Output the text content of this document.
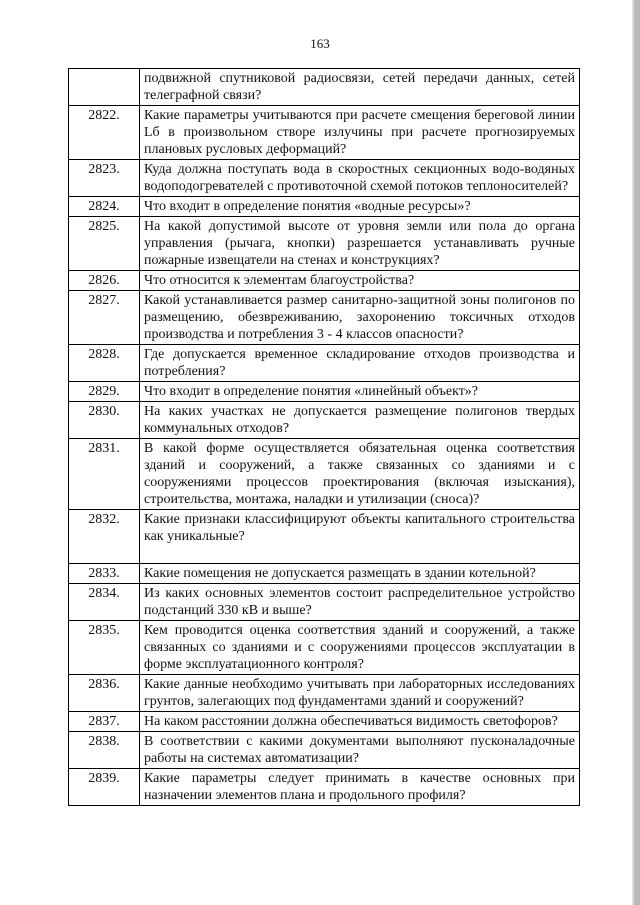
163
	подвижной спутниковой радиосвязи, сетей передачи данных, сетей телеграфной связи?
2822.	Какие параметры учитываются при расчете смещения береговой линии Lб в произвольном створе излучины при расчете прогнозируемых плановых русловых деформаций?
2823.	Куда должна поступать вода в скоростных секционных водо-водяных водоподогревателей с противоточной схемой потоков теплоносителей?
2824.	Что входит в определение понятия «водные ресурсы»?
2825.	На какой допустимой высоте от уровня земли или пола до органа управления (рычага, кнопки) разрешается устанавливать ручные пожарные извещатели на стенах и конструкциях?
2826.	Что относится к элементам благоустройства?
2827.	Какой устанавливается размер санитарно-защитной зоны полигонов по размещению, обезвреживанию, захоронению токсичных отходов производства и потребления 3 - 4 классов опасности?
2828.	Где допускается временное складирование отходов производства и потребления?
2829.	Что входит в определение понятия «линейный объект»?
2830.	На каких участках не допускается размещение полигонов твердых коммунальных отходов?
2831.	В какой форме осуществляется обязательная оценка соответствия зданий и сооружений, а также связанных со зданиями и с сооружениями процессов проектирования (включая изыскания), строительства, монтажа, наладки и утилизации (сноса)?
2832.	Какие признаки классифицируют объекты капитального строительства как уникальные?

2833.	Какие помещения не допускается размещать в здании котельной?
2834.	Из каких основных элементов состоит распределительное устройство подстанций 330 кВ и выше?
2835.	Кем проводится оценка соответствия зданий и сооружений, а также связанных со зданиями и с сооружениями процессов эксплуатации в форме эксплуатационного контроля?
2836.	Какие данные необходимо учитывать при лабораторных исследованиях грунтов, залегающих под фундаментами зданий и сооружений?
2837.	На каком расстоянии должна обеспечиваться видимость светофоров?
2838.	В соответствии с какими документами выполняют пусконаладочные работы на системах автоматизации?
2839.	Какие параметры следует принимать в качестве основных при назначении элементов плана и продольного профиля?
